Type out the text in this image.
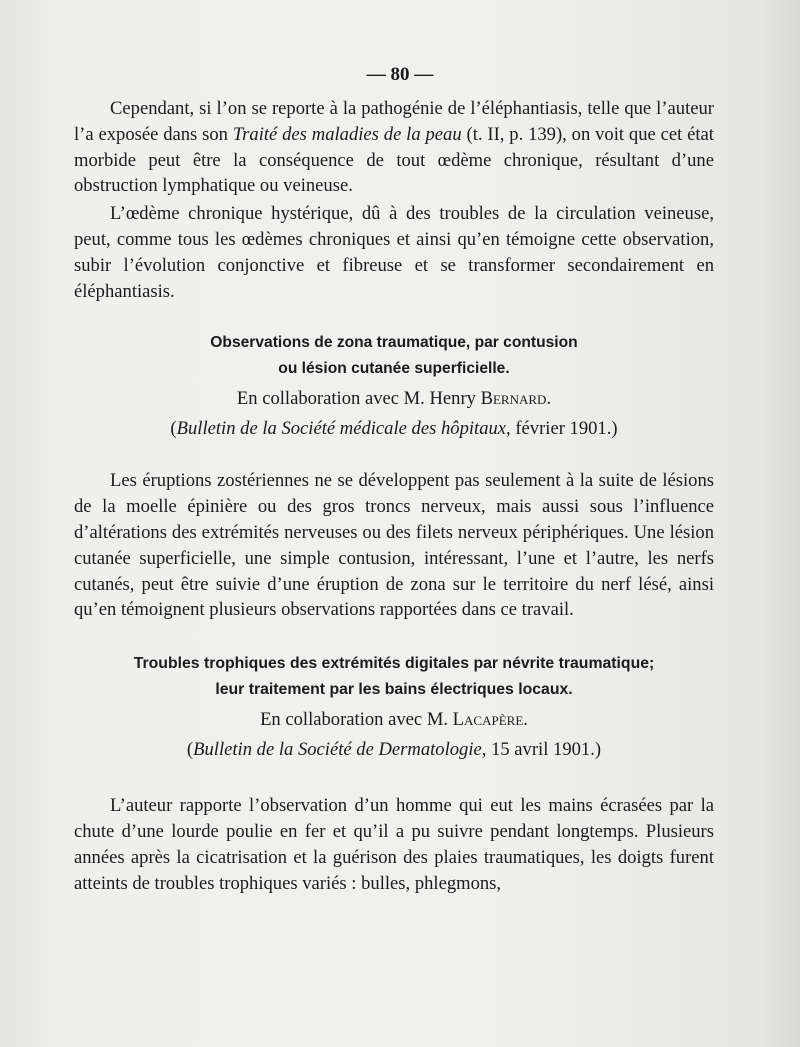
— 80 —

Cependant, si l’on se reporte à la pathogénie de l’éléphantiasis, telle que l’auteur l’a exposée dans son Traité des maladies de la peau (t. II, p. 139), on voit que cet état morbide peut être la conséquence de tout œdème chronique, résultant d’une obstruction lymphatique ou veineuse.

L’œdème chronique hystérique, dû à des troubles de la circulation veineuse, peut, comme tous les œdèmes chroniques et ainsi qu’en témoigne cette observation, subir l’évolution conjonctive et fibreuse et se transformer secondairement en éléphantiasis.

Observations de zona traumatique, par contusion
ou lésion cutanée superficielle.
En collaboration avec M. Henry Bernard.
(Bulletin de la Société médicale des hôpitaux, février 1901.)

Les éruptions zostériennes ne se développent pas seulement à la suite de lésions de la moelle épinière ou des gros troncs nerveux, mais aussi sous l’influence d’altérations des extrémités nerveuses ou des filets nerveux périphériques. Une lésion cutanée superficielle, une simple contusion, intéressant, l’une et l’autre, les nerfs cutanés, peut être suivie d’une éruption de zona sur le territoire du nerf lésé, ainsi qu’en témoignent plusieurs observations rapportées dans ce travail.

Troubles trophiques des extrémités digitales par névrite traumatique;
leur traitement par les bains électriques locaux.
En collaboration avec M. Lacapère.
(Bulletin de la Société de Dermatologie, 15 avril 1901.)

L’auteur rapporte l’observation d’un homme qui eut les mains écrasées par la chute d’une lourde poulie en fer et qu’il a pu suivre pendant longtemps. Plusieurs années après la cicatrisation et la guérison des plaies traumatiques, les doigts furent atteints de troubles trophiques variés : bulles, phlegmons,
